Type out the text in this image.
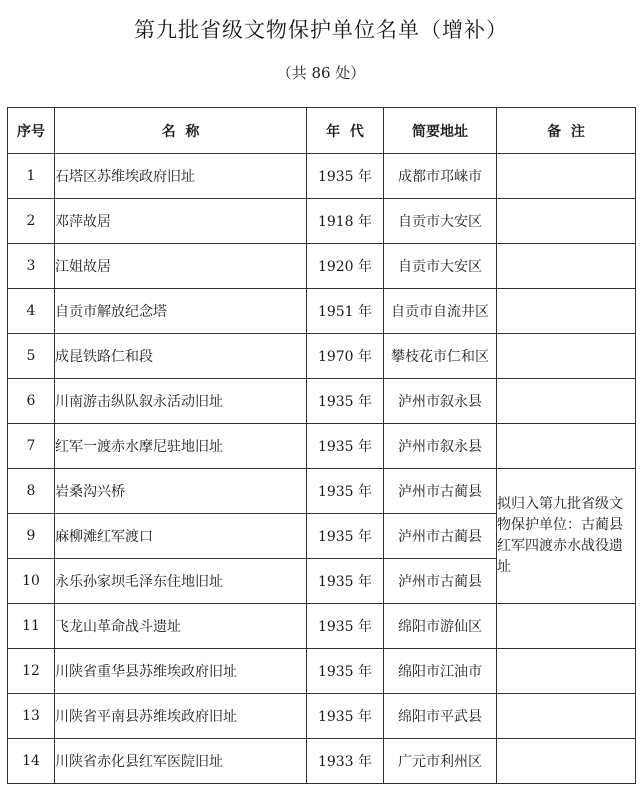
第九批省级文物保护单位名单（增补）
（共 86 处）
序号	名  称	年  代	简要地址	备  注
1	石塔区苏维埃政府旧址	1935 年	成都市邛崃市	
2	邓萍故居	1918 年	自贡市大安区	
3	江姐故居	1920 年	自贡市大安区	
4	自贡市解放纪念塔	1951 年	自贡市自流井区	
5	成昆铁路仁和段	1970 年	攀枝花市仁和区	
6	川南游击纵队叙永活动旧址	1935 年	泸州市叙永县	
7	红军一渡赤水摩尼驻地旧址	1935 年	泸州市叙永县	
8	岩桑沟兴桥	1935 年	泸州市古蔺县	拟归入第九批省级文物保护单位：古蔺县红军四渡赤水战役遗址
9	麻柳滩红军渡口	1935 年	泸州市古蔺县	
10	永乐孙家坝毛泽东住地旧址	1935 年	泸州市古蔺县	
11	飞龙山革命战斗遗址	1935 年	绵阳市游仙区	
12	川陕省重华县苏维埃政府旧址	1935 年	绵阳市江油市	
13	川陕省平南县苏维埃政府旧址	1935 年	绵阳市平武县	
14	川陕省赤化县红军医院旧址	1933 年	广元市利州区	
